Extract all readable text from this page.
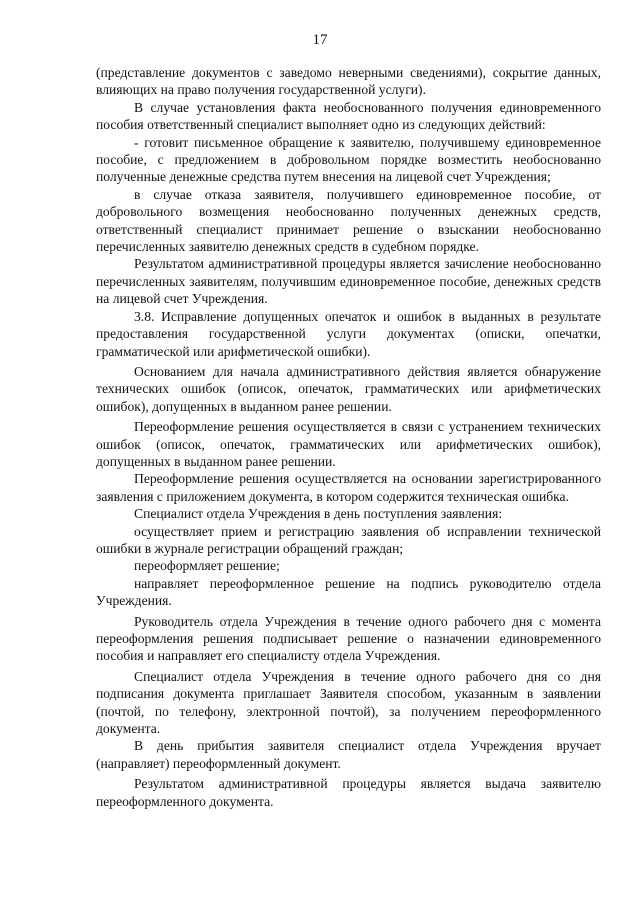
17

(представление документов с заведомо неверными сведениями), сокрытие данных, влияющих на право получения государственной услуги).

В случае установления факта необоснованного получения единовременного пособия ответственный специалист выполняет одно из следующих действий:

- готовит письменное обращение к заявителю, получившему единовременное пособие, с предложением в добровольном порядке возместить необоснованно полученные денежные средства путем внесения на лицевой счет Учреждения;

в случае отказа заявителя, получившего единовременное пособие, от добровольного возмещения необоснованно полученных денежных средств, ответственный специалист принимает решение о взыскании необоснованно перечисленных заявителю денежных средств в судебном порядке.

Результатом административной процедуры является зачисление необоснованно перечисленных заявителям, получившим единовременное пособие, денежных средств на лицевой счет Учреждения.

3.8. Исправление допущенных опечаток и ошибок в выданных в результате предоставления государственной услуги документах (описки, опечатки, грамматической или арифметической ошибки).

Основанием для начала административного действия является обнаружение технических ошибок (описок, опечаток, грамматических или арифметических ошибок), допущенных в выданном ранее решении.

Переоформление решения осуществляется в связи с устранением технических ошибок (описок, опечаток, грамматических или арифметических ошибок), допущенных в выданном ранее решении.

Переоформление решения осуществляется на основании зарегистрированного заявления с приложением документа, в котором содержится техническая ошибка.

Специалист отдела Учреждения в день поступления заявления:

осуществляет прием и регистрацию заявления об исправлении технической ошибки в журнале регистрации обращений граждан;

переоформляет решение;

направляет переоформленное решение на подпись руководителю отдела Учреждения.

Руководитель отдела Учреждения в течение одного рабочего дня с момента переоформления решения подписывает решение о назначении единовременного пособия и направляет его специалисту отдела Учреждения.

Специалист отдела Учреждения в течение одного рабочего дня со дня подписания документа приглашает Заявителя способом, указанным в заявлении (почтой, по телефону, электронной почтой), за получением переоформленного документа.

В день прибытия заявителя специалист отдела Учреждения вручает (направляет) переоформленный документ.

Результатом административной процедуры является выдача заявителю переоформленного документа.
